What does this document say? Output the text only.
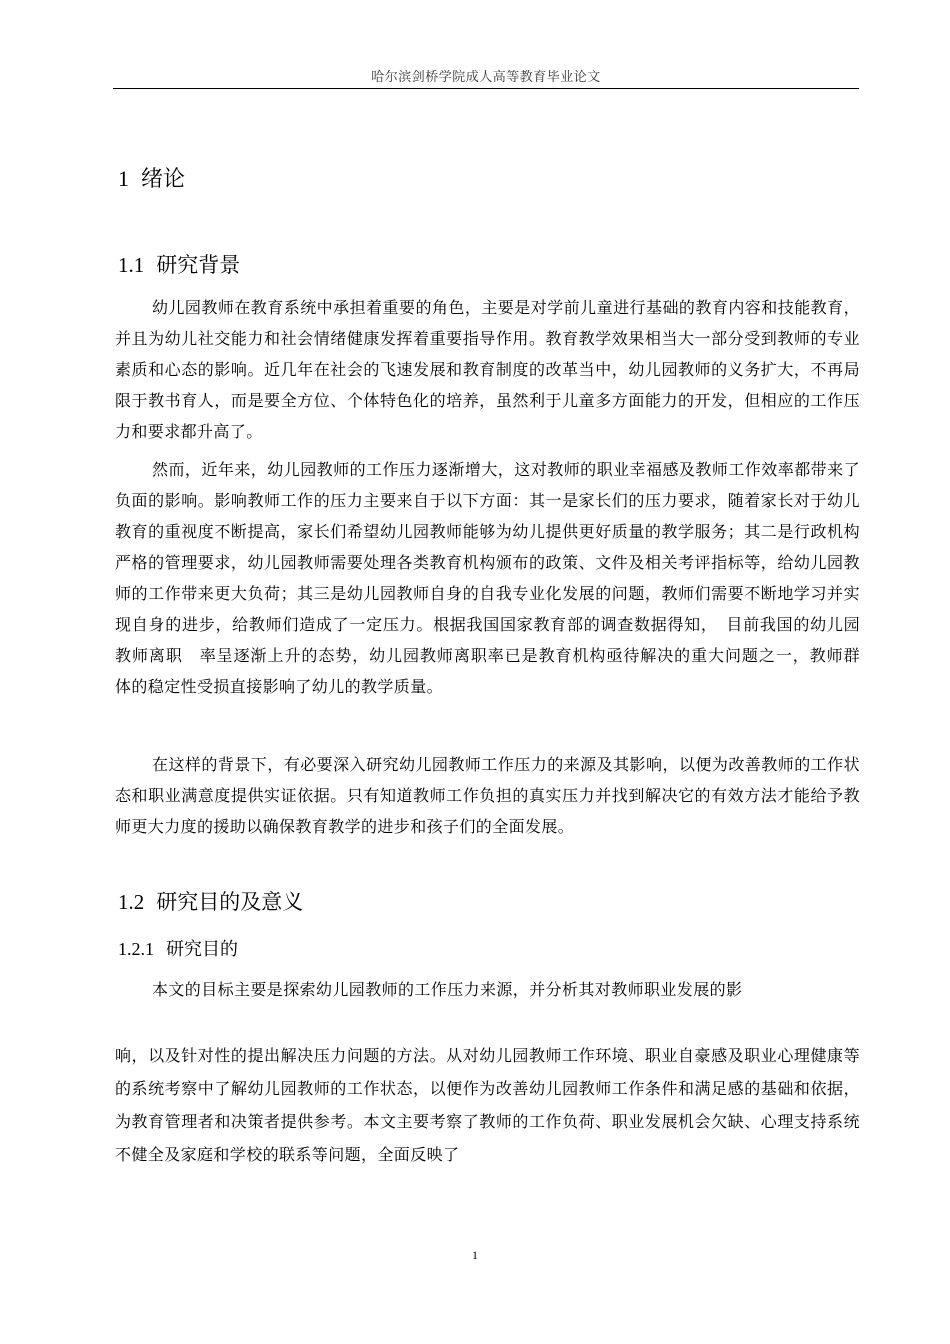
哈尔滨剑桥学院成人高等教育毕业论文
1 绪论
1.1 研究背景

幼儿园教师在教育系统中承担着重要的角色，主要是对学前儿童进行基础的教育内容和技能教育，并且为幼儿社交能力和社会情绪健康发挥着重要指导作用。教育教学效果相当大一部分受到教师的专业素质和心态的影响。近几年在社会的飞速发展和教育制度的改革当中，幼儿园教师的义务扩大，不再局限于教书育人，而是要全方位、个体特色化的培养，虽然利于儿童多方面能力的开发，但相应的工作压力和要求都升高了。

然而，近年来，幼儿园教师的工作压力逐渐增大，这对教师的职业幸福感及教师工作效率都带来了负面的影响。影响教师工作的压力主要来自于以下方面：其一是家长们的压力要求，随着家长对于幼儿教育的重视度不断提高，家长们希望幼儿园教师能够为幼儿提供更好质量的教学服务；其二是行政机构严格的管理要求，幼儿园教师需要处理各类教育机构颁布的政策、文件及相关考评指标等，给幼儿园教师的工作带来更大负荷；其三是幼儿园教师自身的自我专业化发展的问题，教师们需要不断地学习并实现自身的进步，给教师们造成了一定压力。根据我国国家教育部的调查数据得知，　目前我国的幼儿园教师离职　率呈逐渐上升的态势，幼儿园教师离职率已是教育机构亟待解决的重大问题之一，教师群　体的稳定性受损直接影响了幼儿的教学质量。

在这样的背景下，有必要深入研究幼儿园教师工作压力的来源及其影响，以便为改善教师的工作状态和职业满意度提供实证依据。只有知道教师工作负担的真实压力并找到解决它的有效方法才能给予教师更大力度的援助以确保教育教学的进步和孩子们的全面发展。

1.2 研究目的及意义
1.2.1 研究目的

本文的目标主要是探索幼儿园教师的工作压力来源，并分析其对教师职业发展的影

响，以及针对性的提出解决压力问题的方法。从对幼儿园教师工作环境、职业自豪感及职业心理健康等的系统考察中了解幼儿园教师的工作状态，以便作为改善幼儿园教师工作条件和满足感的基础和依据，为教育管理者和决策者提供参考。本文主要考察了教师的工作负荷、职业发展机会欠缺、心理支持系统不健全及家庭和学校的联系等问题，全面反映了

1
